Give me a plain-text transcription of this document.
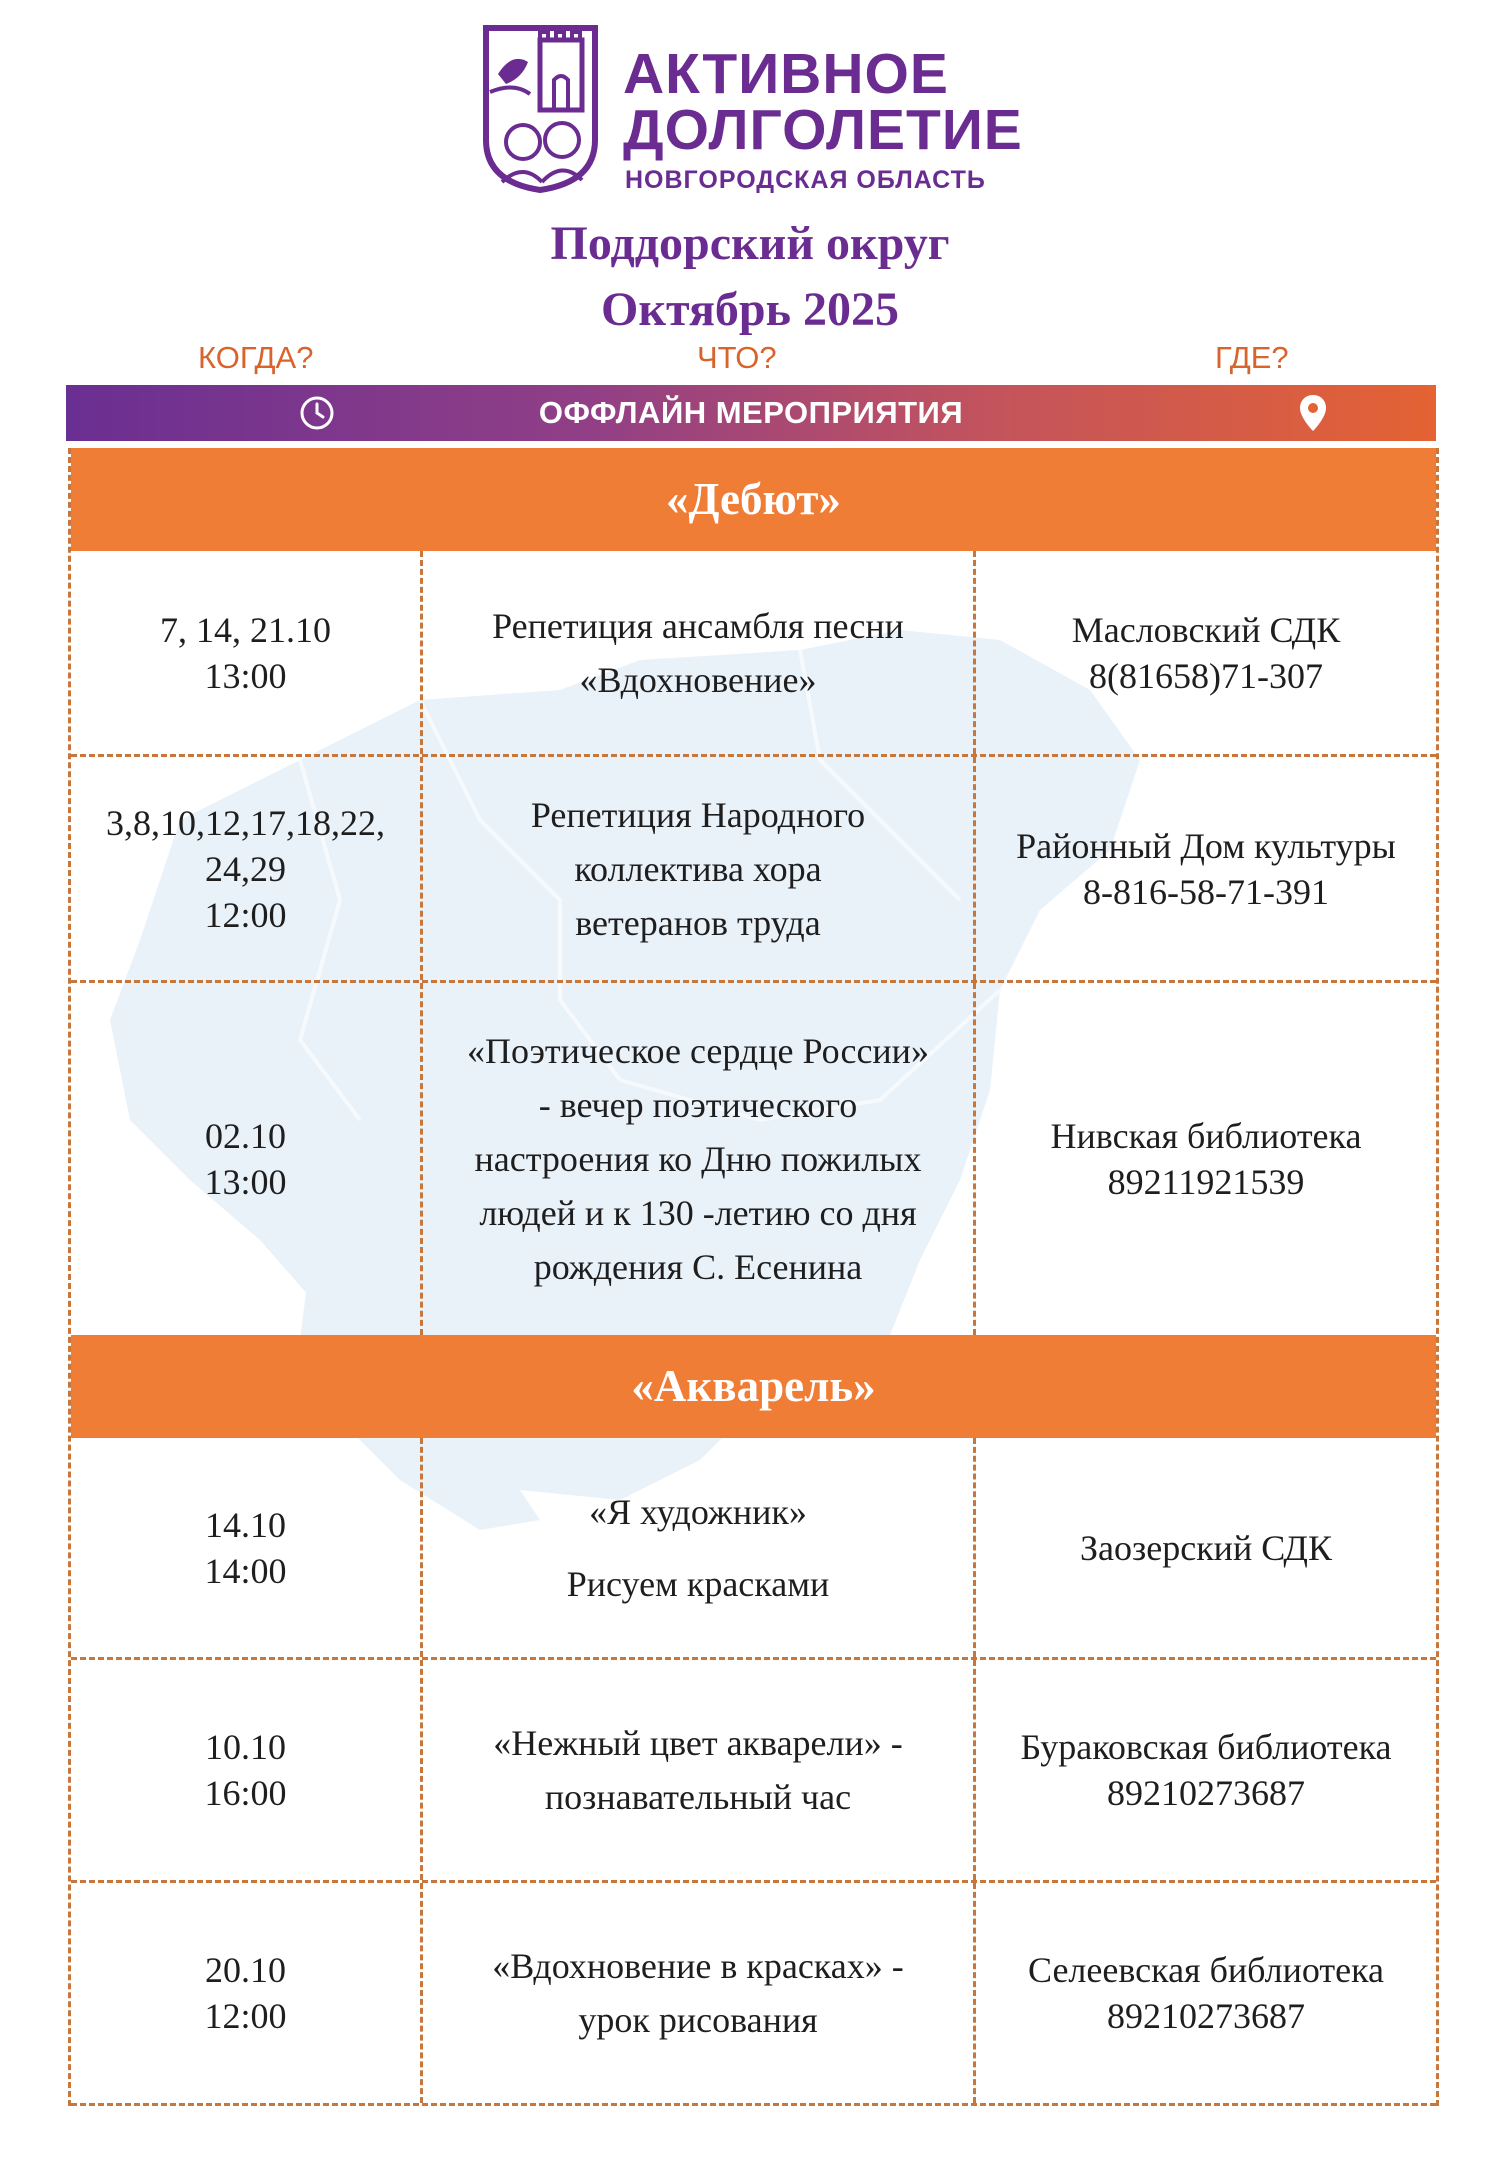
АКТИВНОЕ
ДОЛГОЛЕТИЕ
НОВГОРОДСКАЯ ОБЛАСТЬ
Поддорский округ
Октябрь 2025
КОГДА?	ЧТО?	ГДЕ?
ОФФЛАЙН МЕРОПРИЯТИЯ
«Дебют»
7, 14, 21.10
13:00
Репетиция ансамбля песни
«Вдохновение»
Масловский СДК
8(81658)71-307
3,8,10,12,17,18,22,
24,29
12:00
Репетиция Народного
коллектива хора
ветеранов труда
Районный Дом культуры
8-816-58-71-391
02.10
13:00
«Поэтическое сердце России»
- вечер поэтического
настроения ко Дню пожилых
людей и к 130 -летию со дня
рождения С. Есенина
Нивская библиотека
89211921539
«Акварель»
14.10
14:00
«Я художник»
Рисуем красками
Заозерский СДК
10.10
16:00
«Нежный цвет акварели» -
познавательный час
Бураковская библиотека
89210273687
20.10
12:00
«Вдохновение в красках» -
урок рисования
Селеевская библиотека
89210273687
